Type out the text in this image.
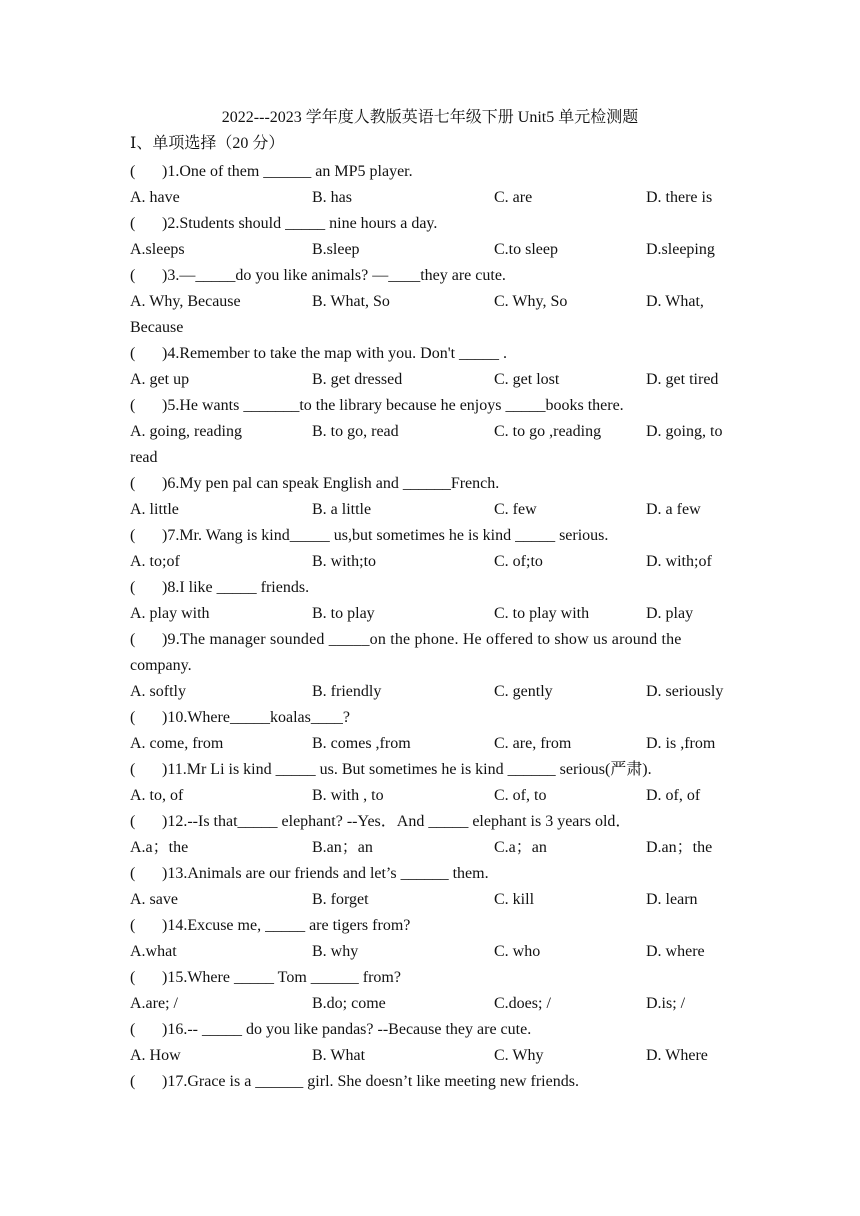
2022---2023 学年度人教版英语七年级下册 Unit5 单元检测题
Ⅰ、单项选择（20 分）
( )1.One of them ______ an MP5 player.
A. have	B. has	C. are	D. there is
( )2.Students should _____ nine hours a day.
A.sleeps	B.sleep	C.to sleep	D.sleeping
( )3.—_____do you like animals? —____they are cute.
A. Why, Because	B. What, So	C. Why, So	D. What,
Because
( )4.Remember to take the map with you. Don't _____ .
A. get up	B. get dressed	C. get lost	D. get tired
( )5.He wants _______to the library because he enjoys _____books there.
A. going, reading	B. to go, read	C. to go ,reading	D. going, to
read
( )6.My pen pal can speak English and ______French.
A. little	B. a little	C. few	D. a few
( )7.Mr. Wang is kind_____ us,but sometimes he is kind _____ serious.
A. to;of	B. with;to	C. of;to	D. with;of
( )8.I like _____ friends.
A. play with	B. to play	C. to play with	D. play
( )9.The manager sounded _____on the phone. He offered to show us around the
company.
A. softly	B. friendly	C. gently	D. seriously
( )10.Where_____koalas____?
A. come, from	B. comes ,from	C. are, from	D. is ,from
( )11.Mr Li is kind _____ us. But sometimes he is kind ______ serious(严肃).
A. to, of	B. with , to	C. of, to	D. of, of
( )12.--Is that_____ elephant? --Yes．And _____ elephant is 3 years old．
A.a；the	B.an；an	C.a；an	D.an；the
( )13.Animals are our friends and let’s ______ them.
A. save	B. forget	C. kill	D. learn
( )14.Excuse me, _____ are tigers from?
A.what	B. why	C. who	D. where
( )15.Where _____ Tom ______ from?
A.are; /	B.do; come	C.does; /	D.is; /
( )16.-- _____ do you like pandas? --Because they are cute.
A. How	B. What	C. Why	D. Where
( )17.Grace is a ______ girl. She doesn’t like meeting new friends.
